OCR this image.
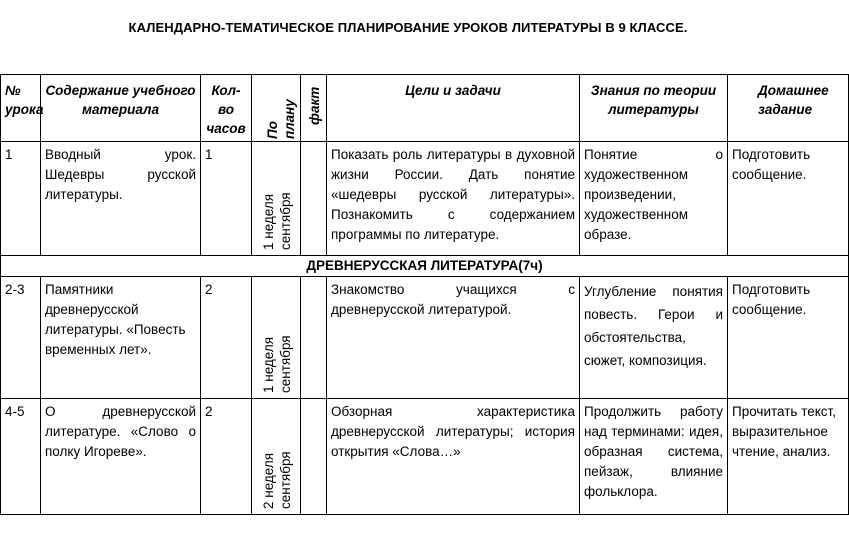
КАЛЕНДАРНО-ТЕМАТИЧЕСКОЕ ПЛАНИРОВАНИЕ УРОКОВ ЛИТЕРАТУРЫ В 9 КЛАССЕ.
№ урока	Содержание учебного материала	Кол-во часов	По плану	факт	Цели и задачи	Знания по теории литературы	Домашнее задание
1	Вводный урок. Шедевры русской литературы.	1	1 неделя сентября		Показать роль литературы в духовной жизни России. Дать понятие «шедевры русской литературы». Познакомить с содержанием программы по литературе.	Понятие о художественном произведении, художественном образе.	Подготовить сообщение.
ДРЕВНЕРУССКАЯ ЛИТЕРАТУРА(7ч)							
2-3	Памятники древнерусской литературы. «Повесть временных лет».	2	1 неделя сентября		Знакомство учащихся с древнерусской литературой.	Углубление понятия повесть. Герои и обстоятельства, сюжет, композиция.	Подготовить сообщение.
4-5	О древнерусской литературе. «Слово о полку Игореве».	2	2 неделя сентября		Обзорная характеристика древнерусской литературы; история открытия «Слова…»	Продолжить работу над терминами: идея, образная система, пейзаж, влияние фольклора.	Прочитать текст, выразительное чтение, анализ.
